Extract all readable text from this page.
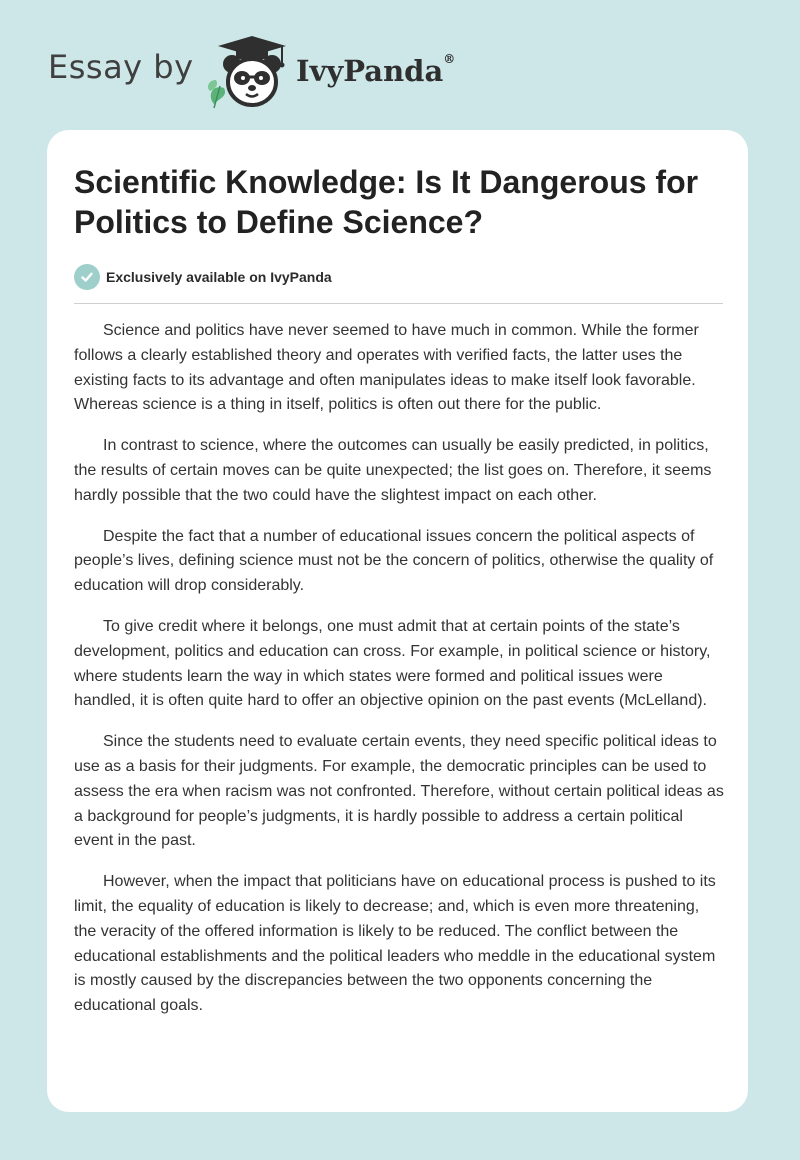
Essay by	IvyPanda®
Scientific Knowledge: Is It Dangerous for Politics to Define Science?
Exclusively available on IvyPanda

Science and politics have never seemed to have much in common. While the former follows a clearly established theory and operates with verified facts, the latter uses the existing facts to its advantage and often manipulates ideas to make itself look favorable. Whereas science is a thing in itself, politics is often out there for the public.

In contrast to science, where the outcomes can usually be easily predicted, in politics, the results of certain moves can be quite unexpected; the list goes on. Therefore, it seems hardly possible that the two could have the slightest impact on each other.

Despite the fact that a number of educational issues concern the political aspects of people’s lives, defining science must not be the concern of politics, otherwise the quality of education will drop considerably.

To give credit where it belongs, one must admit that at certain points of the state’s development, politics and education can cross. For example, in political science or history, where students learn the way in which states were formed and political issues were handled, it is often quite hard to offer an objective opinion on the past events (McLelland).

Since the students need to evaluate certain events, they need specific political ideas to use as a basis for their judgments. For example, the democratic principles can be used to assess the era when racism was not confronted. Therefore, without certain political ideas as a background for people’s judgments, it is hardly possible to address a certain political event in the past.

However, when the impact that politicians have on educational process is pushed to its limit, the equality of education is likely to decrease; and, which is even more threatening, the veracity of the offered information is likely to be reduced. The conflict between the educational establishments and the political leaders who meddle in the educational system is mostly caused by the discrepancies between the two opponents concerning the educational goals.
